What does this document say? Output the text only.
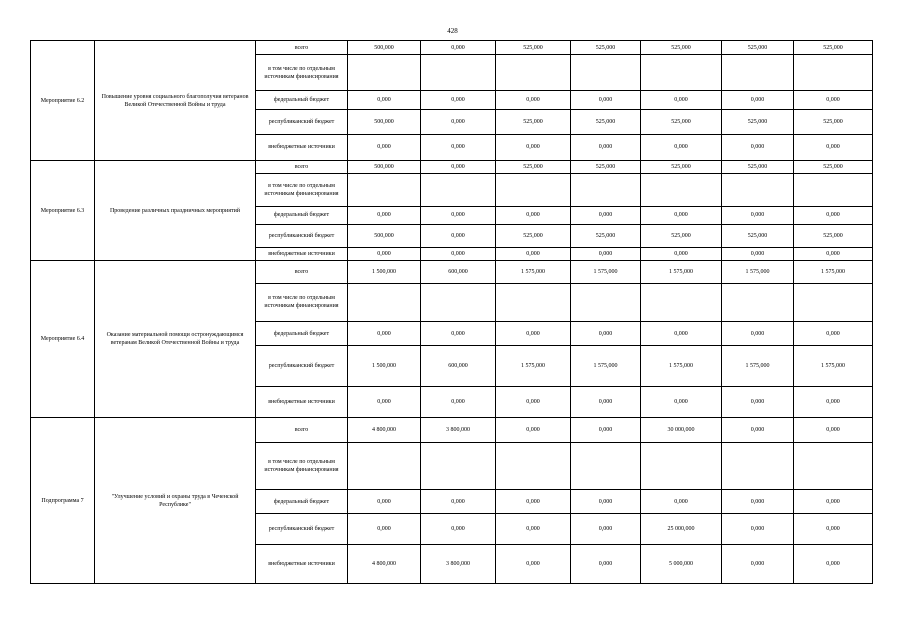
428
Мероприятие 6.2	Повышение уровня социального благополучия ветеранов Великой Отечественной Войны и труда	всего	500,000	0,000	525,000	525,000	525,000	525,000	525,000
		в том числе по отдельным источникам финансирования							
		федеральный бюджет	0,000	0,000	0,000	0,000	0,000	0,000	0,000
		республиканский бюджет	500,000	0,000	525,000	525,000	525,000	525,000	525,000
		внебюджетные источники	0,000	0,000	0,000	0,000	0,000	0,000	0,000
Мероприятие 6.3	Проведение различных праздничных мероприятий	всего	500,000	0,000	525,000	525,000	525,000	525,000	525,000
		в том числе по отдельным источникам финансирования							
		федеральный бюджет	0,000	0,000	0,000	0,000	0,000	0,000	0,000
		республиканский бюджет	500,000	0,000	525,000	525,000	525,000	525,000	525,000
		внебюджетные источники	0,000	0,000	0,000	0,000	0,000	0,000	0,000
Мероприятие 6.4	Оказание материальной помощи остронуждающимся ветеранам Великой Отечественной Войны и труда	всего	1 500,000	600,000	1 575,000	1 575,000	1 575,000	1 575,000	1 575,000
		в том числе по отдельным источникам финансирования							
		федеральный бюджет	0,000	0,000	0,000	0,000	0,000	0,000	0,000
		республиканский бюджет	1 500,000	600,000	1 575,000	1 575,000	1 575,000	1 575,000	1 575,000
		внебюджетные источники	0,000	0,000	0,000	0,000	0,000	0,000	0,000
Подпрограмма 7	"Улучшение условий и охраны труда в Чеченской Республике"	всего	4 800,000	3 800,000	0,000	0,000	30 000,000	0,000	0,000
		в том числе по отдельным источникам финансирования							
		федеральный бюджет	0,000	0,000	0,000	0,000	0,000	0,000	0,000
		республиканский бюджет	0,000	0,000	0,000	0,000	25 000,000	0,000	0,000
		внебюджетные источники	4 800,000	3 800,000	0,000	0,000	5 000,000	0,000	0,000
